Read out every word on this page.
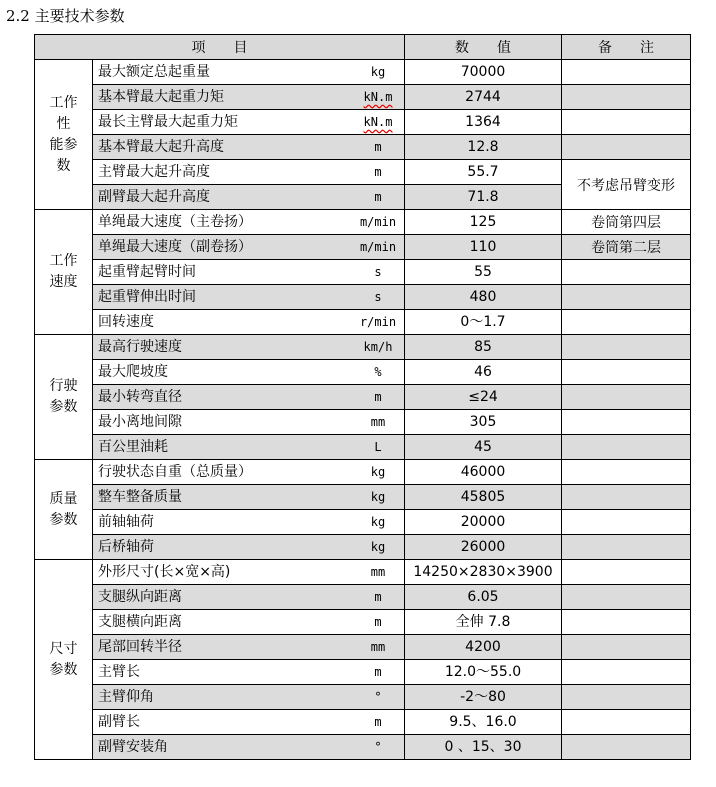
2.2 主要技术参数
项　　目		数　　值	备　　注

工作
性
能参
数	最大额定总起重量 kg	70000	

	基本臂最大起重力矩 kN.m	2744	

	最长主臂最大起重力矩 kN.m	1364	

	基本臂最大起升高度 m	12.8	

	主臂最大起升高度 m	55.7	不考虑吊臂变形

	副臂最大起升高度 m	71.8	

工作
速度	单绳最大速度（主卷扬） m/min	125	卷筒第四层

	单绳最大速度（副卷扬） m/min	110	卷筒第二层

	起重臂起臂时间 s	55	

	起重臂伸出时间 s	480	

	回转速度 r/min	0～1.7	

行驶
参数	最高行驶速度 km/h	85	

	最大爬坡度 %	46	

	最小转弯直径 m	≤24	

	最小离地间隙 mm	305	

	百公里油耗 L	45	

质量
参数	行驶状态自重（总质量） kg	46000	

	整车整备质量 kg	45805	

	前轴轴荷 kg	20000	

	后桥轴荷 kg	26000	

尺寸
参数	外形尺寸(长×宽×高) mm	14250×2830×3900	

	支腿纵向距离 m	6.05	

	支腿横向距离 m	全伸 7.8	

	尾部回转半径 mm	4200	

	主臂长 m	12.0～55.0	

	主臂仰角 °	-2～80	

	副臂长 m	9.5、16.0	

	副臂安装角 °	0 、15、30	
